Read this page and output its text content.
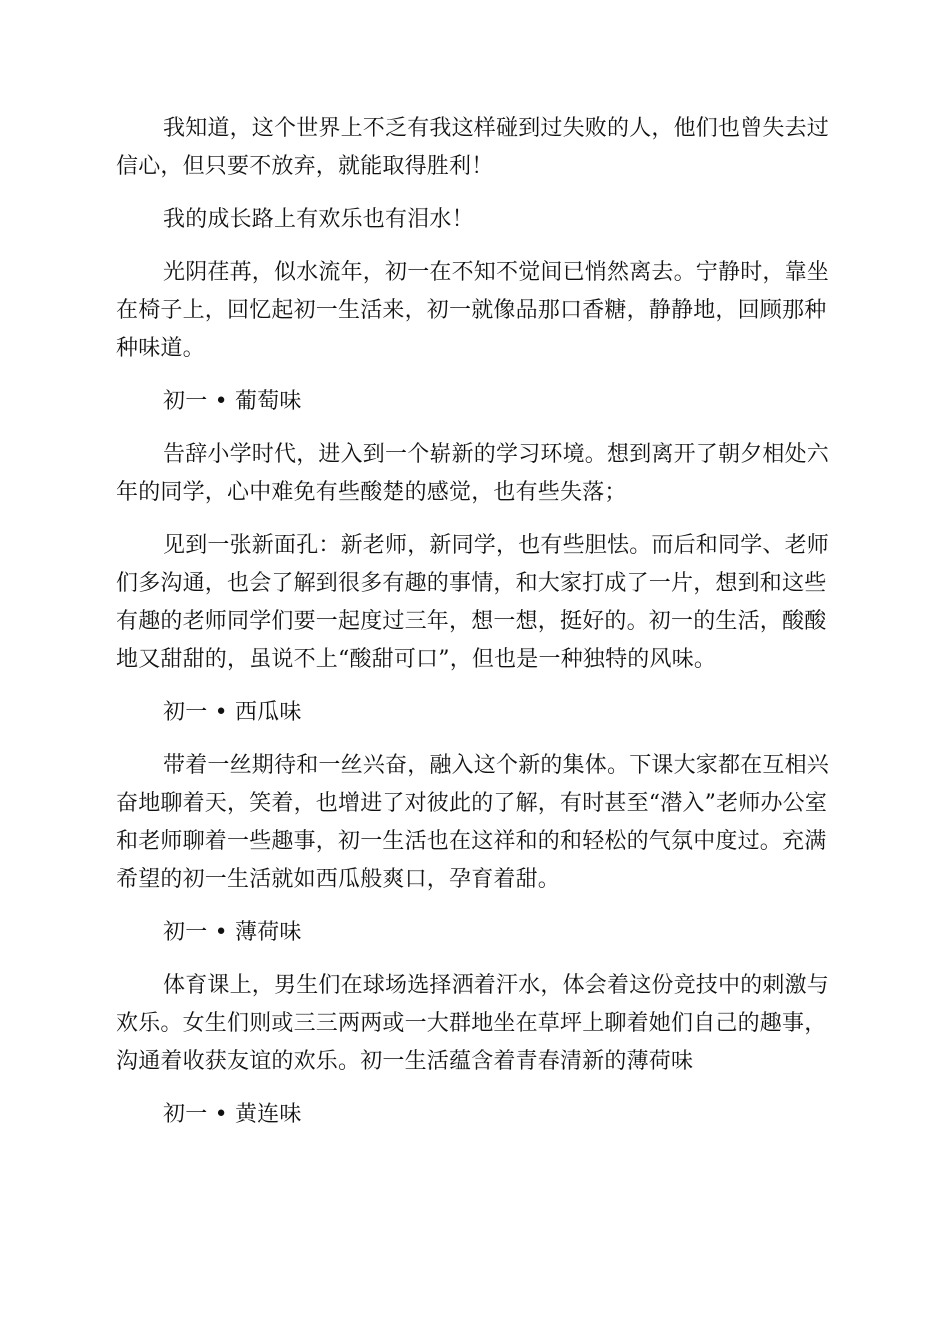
我知道，这个世界上不乏有我这样碰到过失败的人，他们也曾失去过信心，但只要不放弃，就能取得胜利！

我的成长路上有欢乐也有泪水！

光阴荏苒，似水流年，初一在不知不觉间已悄然离去。宁静时，靠坐在椅子上，回忆起初一生活来，初一就像品那口香糖，静静地，回顾那种种味道。

初一 • 葡萄味

告辞小学时代，进入到一个崭新的学习环境。想到离开了朝夕相处六年的同学，心中难免有些酸楚的感觉，也有些失落；

见到一张新面孔：新老师，新同学，也有些胆怯。而后和同学、老师们多沟通，也会了解到很多有趣的事情，和大家打成了一片，想到和这些有趣的老师同学们要一起度过三年，想一想，挺好的。初一的生活，酸酸地又甜甜的，虽说不上“酸甜可口”，但也是一种独特的风味。

初一 • 西瓜味

带着一丝期待和一丝兴奋，融入这个新的集体。下课大家都在互相兴奋地聊着天，笑着，也增进了对彼此的了解，有时甚至“潜入”老师办公室和老师聊着一些趣事，初一生活也在这祥和的和轻松的气氛中度过。充满希望的初一生活就如西瓜般爽口，孕育着甜。

初一 • 薄荷味

体育课上，男生们在球场选择洒着汗水，体会着这份竞技中的刺激与欢乐。女生们则或三三两两或一大群地坐在草坪上聊着她们自己的趣事，沟通着收获友谊的欢乐。初一生活蕴含着青春清新的薄荷味

初一 • 黄连味
